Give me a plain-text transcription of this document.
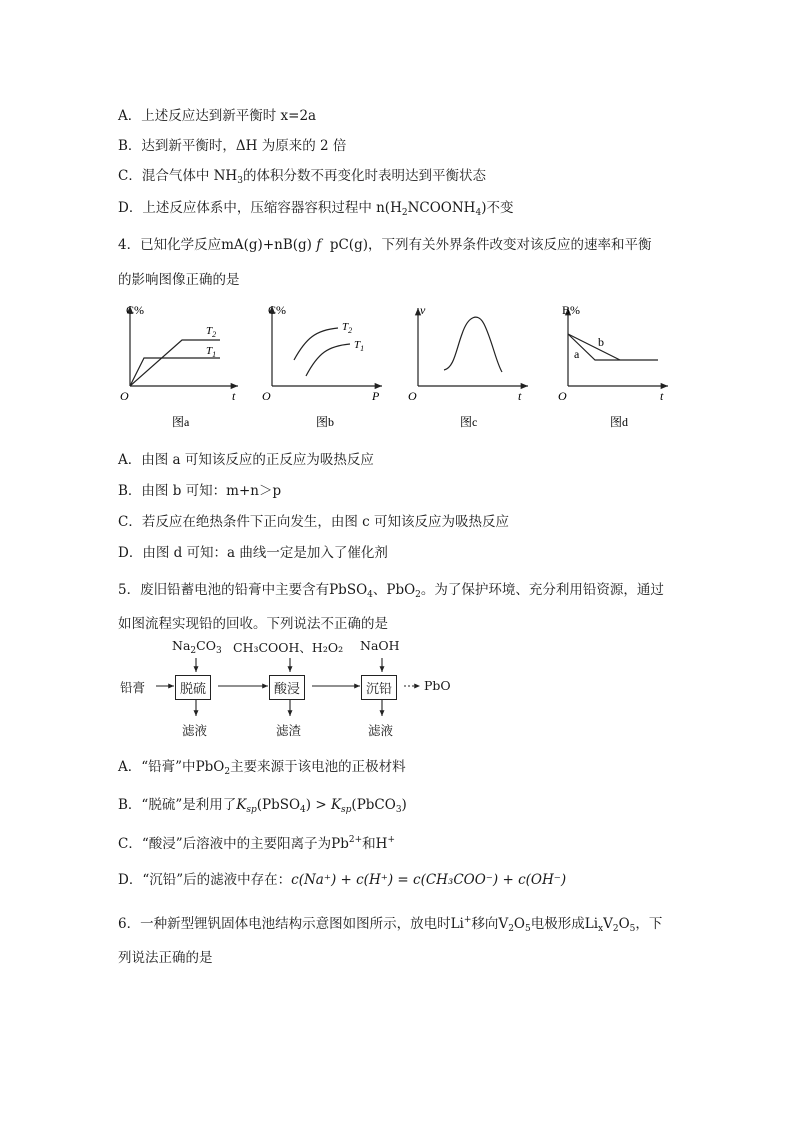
A．上述反应达到新平衡时 x=2a
B．达到新平衡时，ΔH 为原来的 2 倍
C．混合气体中 $NH_3$的体积分数不再变化时表明达到平衡状态
D．上述反应体系中，压缩容器容积过程中 $n(H_2NCOONH_4)$不变
4．已知化学反应mA(g)+nB(g) f pC(g)，下列有关外界条件改变对该反应的速率和平衡
的影响图像正确的是
C%
O	t
$T_2$
$T_1$
图a
C%
O	P
$T_2$
$T_1$
图b
v
O	t
图c
B%
O	t
a
b
图d
A．由图 a 可知该反应的正反应为吸热反应
B．由图 b 可知：m+n＞p
C．若反应在绝热条件下正向发生，由图 c 可知该反应为吸热反应
D．由图 d 可知：a 曲线一定是加入了催化剂
5．废旧铅蓄电池的铅膏中主要含有PbSO$_4$、PbO$_2$。为了保护环境、充分利用铅资源，通过
如图流程实现铅的回收。下列说法不正确的是
$Na_2CO_3$ CH₃COOH、H₂O₂ NaOH
铅膏	脱硫	酸浸	沉铅	PbO
滤液	滤渣	滤液
A．“铅膏”中PbO$_2$主要来源于该电池的正极材料
B．“脱硫”是利用了$K_{sp}(PbSO_4)$ > $K_{sp}(PbCO_3)$
C．“酸浸”后溶液中的主要阳离子为$Pb^{2+}$和H+
D．“沉铅”后的滤液中存在：c(Na⁺) + c(H⁺) = c(CH₃COO⁻) + c(OH⁻)
6．一种新型锂钒固体电池结构示意图如图所示，放电时Li+移向$V_2O_5$电极形成$Li_xV_2O_5$，下
列说法正确的是
